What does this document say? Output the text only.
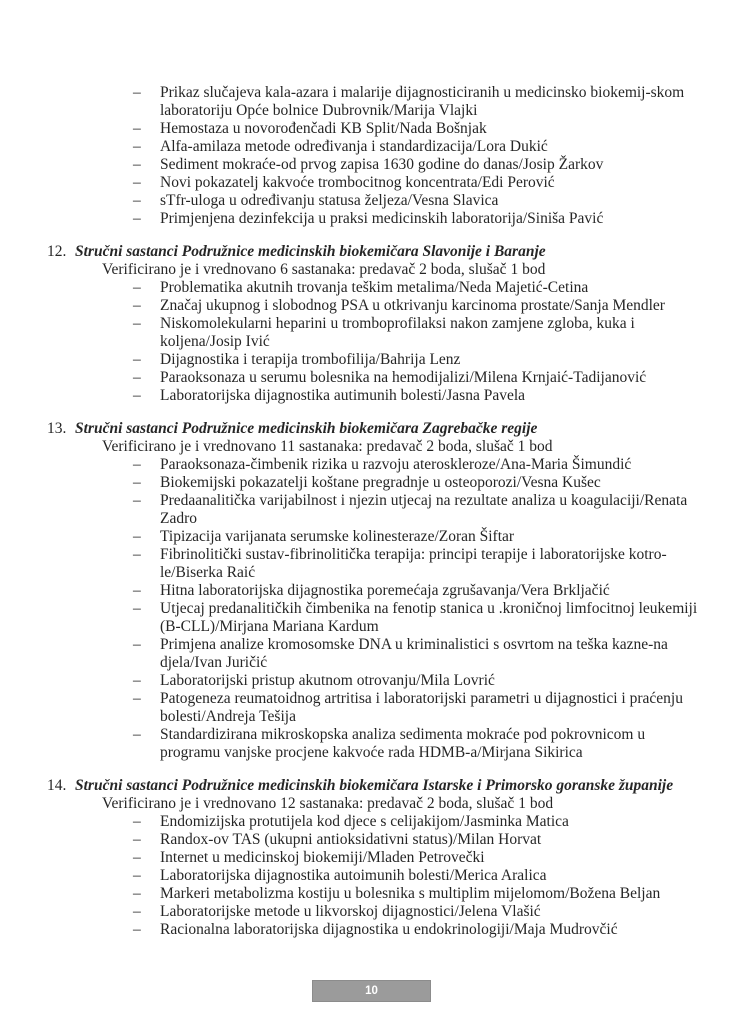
–	Prikaz slučajeva kala-azara i malarije dijagnosticiranih u medicinsko biokemij-skom laboratoriju Opće bolnice Dubrovnik/Marija Vlajki
–	Hemostaza u novorođenčadi KB Split/Nada Bošnjak
–	Alfa-amilaza metode određivanja i standardizacija/Lora Dukić
–	Sediment mokraće-od prvog zapisa 1630 godine do danas/Josip Žarkov
–	Novi pokazatelj kakvoće trombocitnog koncentrata/Edi Perović
–	sTfr-uloga u određivanju statusa željeza/Vesna Slavica
–	Primjenjena dezinfekcija u praksi medicinskih laboratorija/Siniša Pavić
12. Stručni sastanci Podružnice medicinskih biokemičara Slavonije i Baranje

Verificirano je i vrednovano 6 sastanaka: predavač 2 boda, slušač 1 bod

–	Problematika akutnih trovanja teškim metalima/Neda Majetić-Cetina
–	Značaj ukupnog i slobodnog PSA u otkrivanju karcinoma prostate/Sanja Mendler
–	Niskomolekularni heparini u tromboprofilaksi nakon zamjene zgloba, kuka i koljena/Josip Ivić
–	Dijagnostika i terapija trombofilija/Bahrija Lenz
–	Paraoksonaza u serumu bolesnika na hemodijalizi/Milena Krnjaić-Tadijanović
–	Laboratorijska dijagnostika autimunih bolesti/Jasna Pavela
13. Stručni sastanci Podružnice medicinskih biokemičara Zagrebačke regije

Verificirano je i vrednovano 11 sastanaka: predavač 2 boda, slušač 1 bod

–	Paraoksonaza-čimbenik rizika u razvoju ateroskleroze/Ana-Maria Šimundić
–	Biokemijski pokazatelji koštane pregradnje u osteoporozi/Vesna Kušec
–	Predaanalitička varijabilnost i njezin utjecaj na rezultate analiza u koagulaciji/Renata Zadro
–	Tipizacija varijanata serumske kolinesteraze/Zoran Šiftar
–	Fibrinolitički sustav-fibrinolitička terapija: principi terapije i laboratorijske kotro-le/Biserka Raić
–	Hitna laboratorijska dijagnostika poremećaja zgrušavanja/Vera Brkljačić
–	Utjecaj predanalitičkih čimbenika na fenotip stanica u .kroničnoj limfocitnoj leukemiji (B-CLL)/Mirjana Mariana Kardum
–	Primjena analize kromosomske DNA u kriminalistici s osvrtom na teška kazne-na djela/Ivan Juričić
–	Laboratorijski pristup akutnom otrovanju/Mila Lovrić
–	Patogeneza reumatoidnog artritisa i laboratorijski parametri u dijagnostici i praćenju bolesti/Andreja Tešija
–	Standardizirana mikroskopska analiza sedimenta mokraće pod pokrovnicom u programu vanjske procjene kakvoće rada HDMB-a/Mirjana Sikirica
14. Stručni sastanci Podružnice medicinskih biokemičara Istarske i Primorsko goranske županije

Verificirano je i vrednovano 12 sastanaka: predavač 2 boda, slušač 1 bod

–	Endomizijska protutijela kod djece s celijakijom/Jasminka Matica
–	Randox-ov TAS (ukupni antioksidativni status)/Milan Horvat
–	Internet u medicinskoj biokemiji/Mladen Petrovečki
–	Laboratorijska dijagnostika autoimunih bolesti/Merica Aralica
–	Markeri metabolizma kostiju u bolesnika s multiplim mijelomom/Božena Beljan
–	Laboratorijske metode u likvorskoj dijagnostici/Jelena Vlašić
–	Racionalna laboratorijska dijagnostika u endokrinologiji/Maja Mudrovčić
10
